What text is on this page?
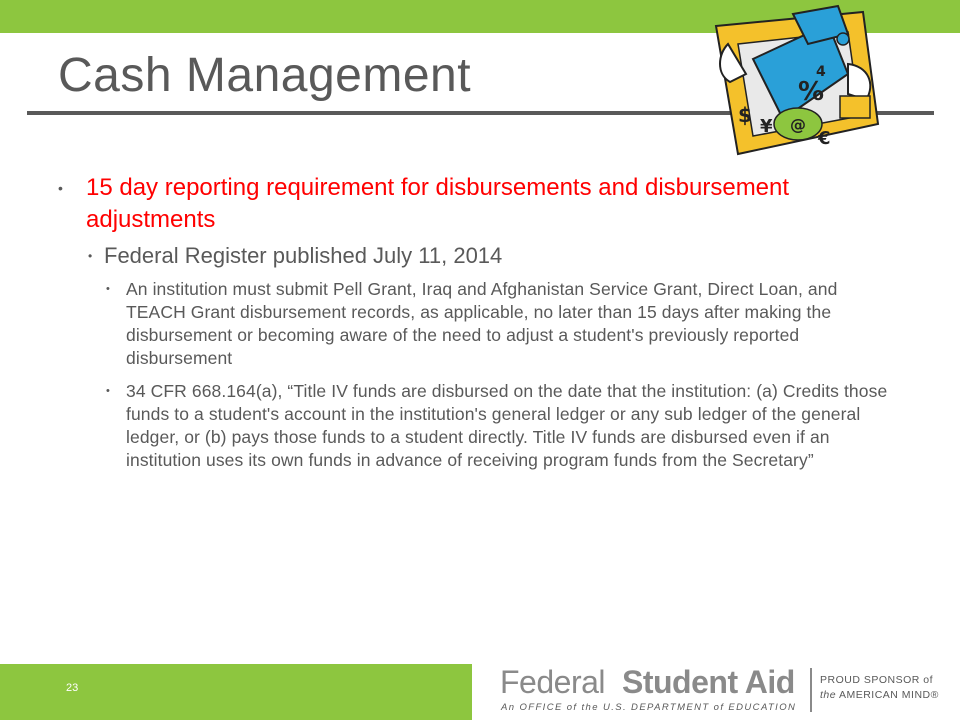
Cash Management
$
%
€
¥
4
@

• 15 day reporting requirement for disbursements and disbursement adjustments

• Federal Register published July 11, 2014

• An institution must submit Pell Grant, Iraq and Afghanistan Service Grant, Direct Loan, and TEACH Grant disbursement records, as applicable, no later than 15 days after making the disbursement or becoming aware of the need to adjust a student's previously reported disbursement

• 34 CFR 668.164(a), “Title IV funds are disbursed on the date that the institution: (a) Credits those funds to a student's account in the institution's general ledger or any sub ledger of the general ledger, or (b) pays those funds to a student directly. Title IV funds are disbursed even if an institution uses its own funds in advance of receiving program funds from the Secretary”

23	Federal Student Aid
An OFFICE of the U.S. DEPARTMENT of EDUCATION
PROUD SPONSOR of
the AMERICAN MIND®
